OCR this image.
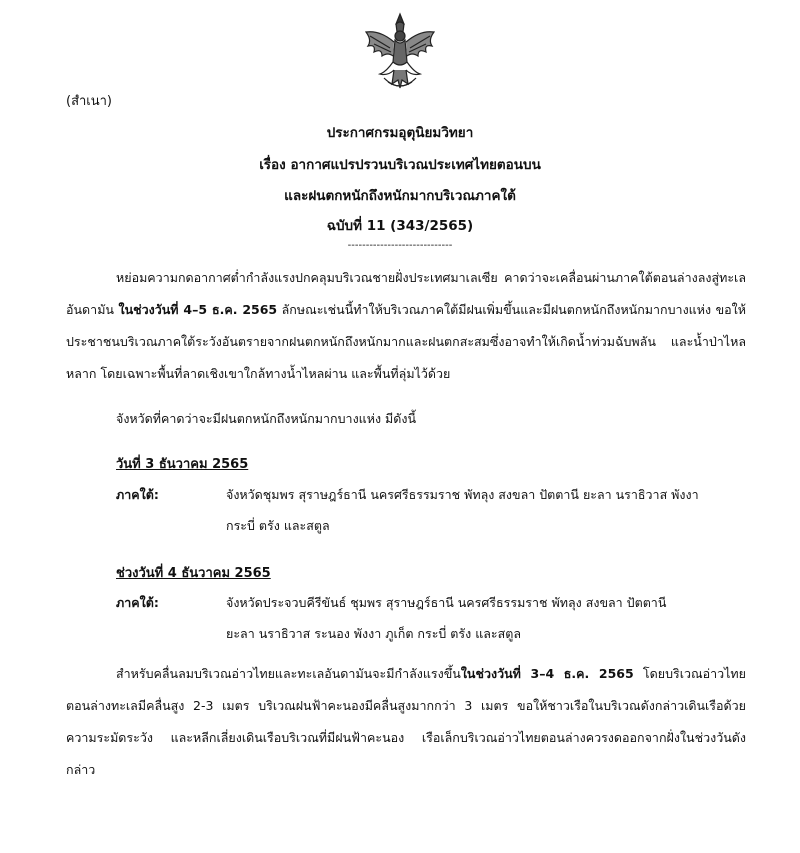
(สำเนา)
ประกาศกรมอุตุนิยมวิทยา
เรื่อง อากาศแปรปรวนบริเวณประเทศไทยตอนบน
และฝนตกหนักถึงหนักมากบริเวณภาคใต้
ฉบับที่ 11 (343/2565)
-----------------------------
หย่อมความกดอากาศต่ำกำลังแรงปกคลุมบริเวณชายฝั่งประเทศมาเลเซีย คาดว่าจะเคลื่อนผ่านภาคใต้ตอนล่างลงสู่ทะเลอันดามัน ในช่วงวันที่ 4–5 ธ.ค. 2565 ลักษณะเช่นนี้ทำให้บริเวณภาคใต้มีฝนเพิ่มขึ้นและมีฝนตกหนักถึงหนักมากบางแห่ง ขอให้ประชาชนบริเวณภาคใต้ระวังอันตรายจากฝนตกหนักถึงหนักมากและฝนตกสะสมซึ่งอาจทำให้เกิดน้ำท่วมฉับพลัน และน้ำป่าไหลหลาก โดยเฉพาะพื้นที่ลาดเชิงเขาใกล้ทางน้ำไหลผ่าน และพื้นที่ลุ่มไว้ด้วย
จังหวัดที่คาดว่าจะมีฝนตกหนักถึงหนักมากบางแห่ง มีดังนี้
วันที่ 3 ธันวาคม 2565
ภาคใต้:	จังหวัดชุมพร สุราษฎร์ธานี นครศรีธรรมราช พัทลุง สงขลา ปัตตานี ยะลา นราธิวาส พังงา
กระบี่ ตรัง และสตูล
ช่วงวันที่ 4 ธันวาคม 2565
ภาคใต้:	จังหวัดประจวบคีรีขันธ์ ชุมพร สุราษฎร์ธานี นครศรีธรรมราช พัทลุง สงขลา ปัตตานี
ยะลา นราธิวาส ระนอง พังงา ภูเก็ต กระบี่ ตรัง และสตูล
สำหรับคลื่นลมบริเวณอ่าวไทยและทะเลอันดามันจะมีกำลังแรงขึ้นในช่วงวันที่ 3–4 ธ.ค. 2565 โดยบริเวณอ่าวไทยตอนล่างทะเลมีคลื่นสูง 2-3 เมตร บริเวณฝนฟ้าคะนองมีคลื่นสูงมากกว่า 3 เมตร ขอให้ชาวเรือในบริเวณดังกล่าวเดินเรือด้วยความระมัดระวัง และหลีกเลี่ยงเดินเรือบริเวณที่มีฝนฟ้าคะนอง เรือเล็กบริเวณอ่าวไทยตอนล่างควรงดออกจากฝั่งในช่วงวันดังกล่าว
